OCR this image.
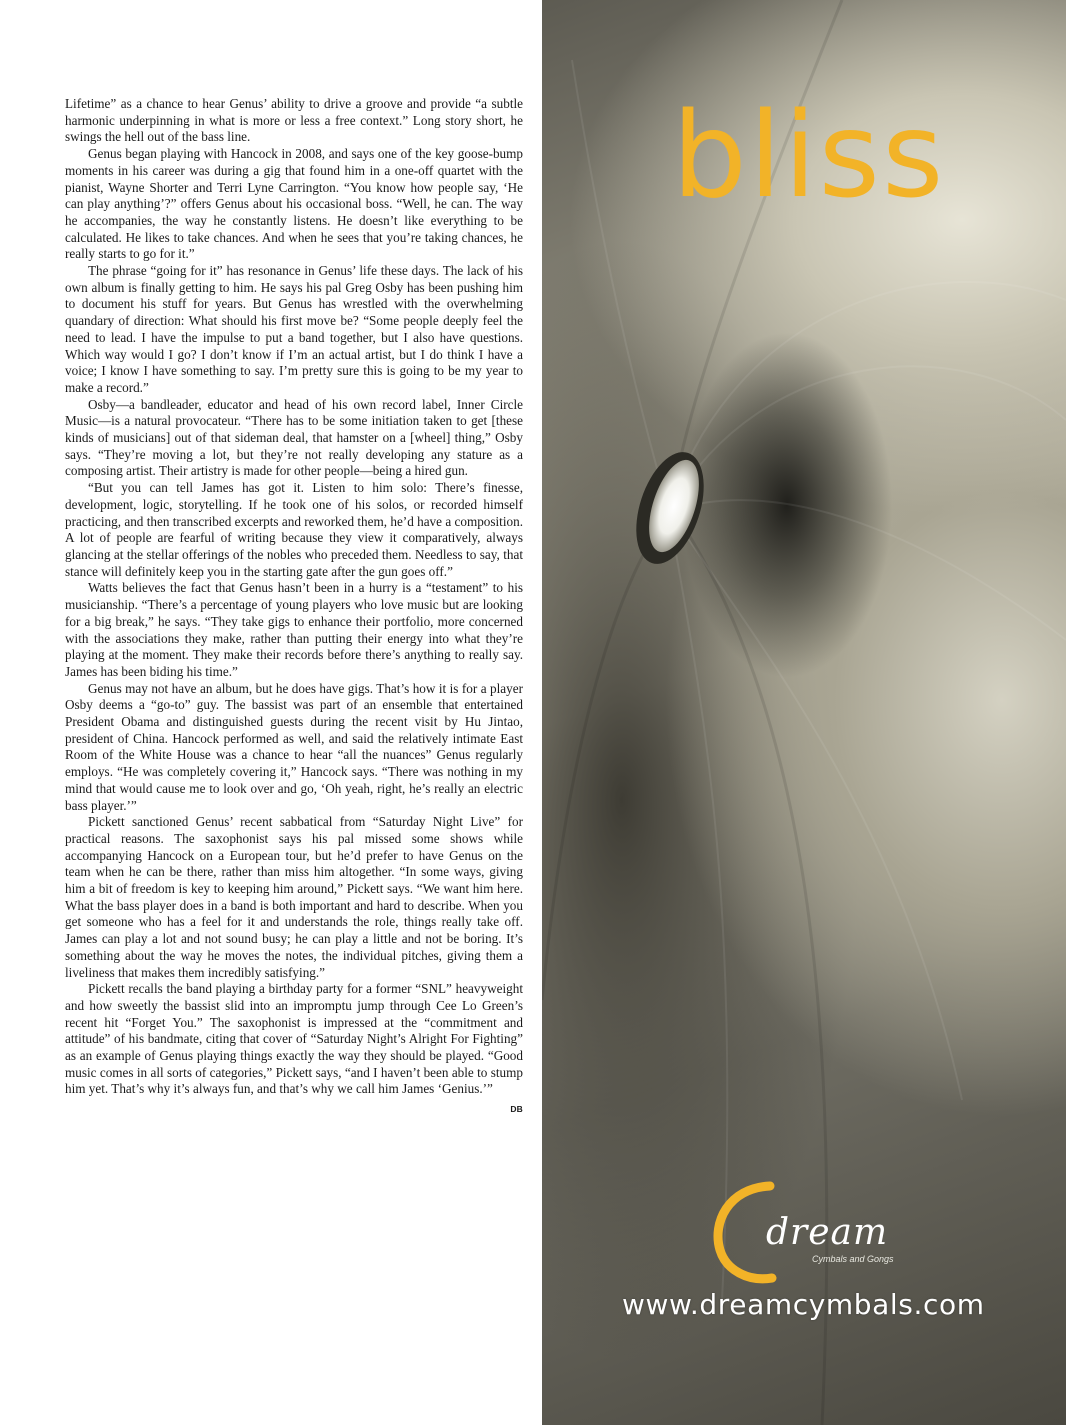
Lifetime” as a chance to hear Genus’ ability to drive a groove and provide “a subtle harmonic underpinning in what is more or less a free context.” Long story short, he swings the hell out of the bass line.

Genus began playing with Hancock in 2008, and says one of the key goose-bump moments in his career was during a gig that found him in a one-off quartet with the pianist, Wayne Shorter and Terri Lyne Carrington. “You know how people say, ‘He can play anything’?” offers Genus about his occasional boss. “Well, he can. The way he accompanies, the way he constantly listens. He doesn’t like everything to be calculated. He likes to take chances. And when he sees that you’re taking chances, he really starts to go for it.”

The phrase “going for it” has resonance in Genus’ life these days. The lack of his own album is finally getting to him. He says his pal Greg Osby has been pushing him to document his stuff for years. But Genus has wrestled with the overwhelming quandary of direction: What should his first move be? “Some people deeply feel the need to lead. I have the impulse to put a band together, but I also have questions. Which way would I go? I don’t know if I’m an actual artist, but I do think I have a voice; I know I have something to say. I’m pretty sure this is going to be my year to make a record.”

Osby—a bandleader, educator and head of his own record label, Inner Circle Music—is a natural provocateur. “There has to be some initiation taken to get [these kinds of musicians] out of that sideman deal, that hamster on a [wheel] thing,” Osby says. “They’re moving a lot, but they’re not really developing any stature as a composing artist. Their artistry is made for other people—being a hired gun.

“But you can tell James has got it. Listen to him solo: There’s finesse, development, logic, storytelling. If he took one of his solos, or recorded himself practicing, and then transcribed excerpts and reworked them, he’d have a composition. A lot of people are fearful of writing because they view it comparatively, always glancing at the stellar offerings of the nobles who preceded them. Needless to say, that stance will definitely keep you in the starting gate after the gun goes off.”

Watts believes the fact that Genus hasn’t been in a hurry is a “testament” to his musicianship. “There’s a percentage of young players who love music but are looking for a big break,” he says. “They take gigs to enhance their portfolio, more concerned with the associations they make, rather than putting their energy into what they’re playing at the moment. They make their records before there’s anything to really say. James has been biding his time.”

Genus may not have an album, but he does have gigs. That’s how it is for a player Osby deems a “go-to” guy. The bassist was part of an ensemble that entertained President Obama and distinguished guests during the recent visit by Hu Jintao, president of China. Hancock performed as well, and said the relatively intimate East Room of the White House was a chance to hear “all the nuances” Genus regularly employs. “He was completely covering it,” Hancock says. “There was nothing in my mind that would cause me to look over and go, ‘Oh yeah, right, he’s really an electric bass player.’”

Pickett sanctioned Genus’ recent sabbatical from “Saturday Night Live” for practical reasons. The saxophonist says his pal missed some shows while accompanying Hancock on a European tour, but he’d prefer to have Genus on the team when he can be there, rather than miss him altogether. “In some ways, giving him a bit of freedom is key to keeping him around,” Pickett says. “We want him here. What the bass player does in a band is both important and hard to describe. When you get someone who has a feel for it and understands the role, things really take off. James can play a lot and not sound busy; he can play a little and not be boring. It’s something about the way he moves the notes, the individual pitches, giving them a liveliness that makes them incredibly satisfying.”

Pickett recalls the band playing a birthday party for a former “SNL” heavyweight and how sweetly the bassist slid into an impromptu jump through Cee Lo Green’s recent hit “Forget You.” The saxophonist is impressed at the “commitment and attitude” of his bandmate, citing that cover of “Saturday Night’s Alright For Fighting” as an example of Genus playing things exactly the way they should be played. “Good music comes in all sorts of categories,” Pickett says, “and I haven’t been able to stump him yet. That’s why it’s always fun, and that’s why we call him James ‘Genius.’”
DB

bliss
dream
Cymbals and Gongs
www.dreamcymbals.com
